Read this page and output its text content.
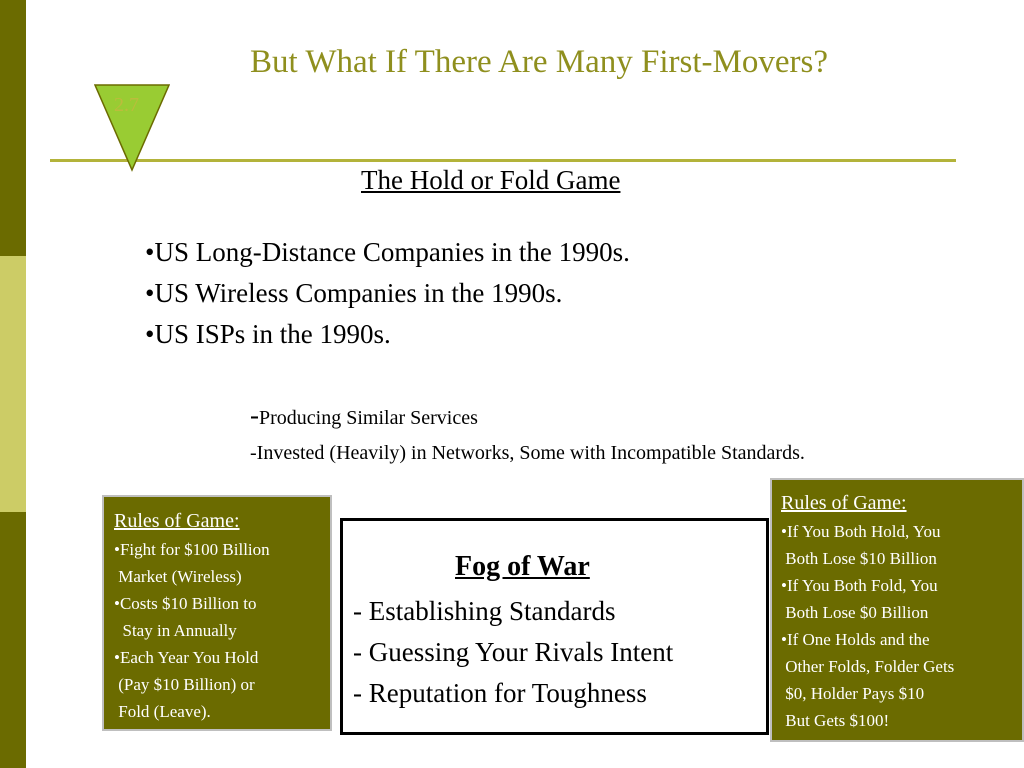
But What If There Are Many First-Movers?
2.7
The Hold or Fold Game
•US Long-Distance Companies in the 1990s.
•US Wireless Companies in the 1990s.
•US ISPs in the 1990s.
-Producing Similar Services
-Invested (Heavily) in Networks, Some with Incompatible Standards.
Rules of Game:
•Fight for $100 Billion
Market (Wireless)
•Costs $10 Billion to
Stay in Annually
•Each Year You Hold
(Pay $10 Billion) or
Fold (Leave).
Fog of War
- Establishing Standards
- Guessing Your Rivals Intent
- Reputation for Toughness
Rules of Game:
•If You Both Hold, You
Both Lose $10 Billion
•If You Both Fold, You
Both Lose $0 Billion
•If One Holds and the
Other Folds, Folder Gets
$0, Holder Pays $10
But Gets $100!
